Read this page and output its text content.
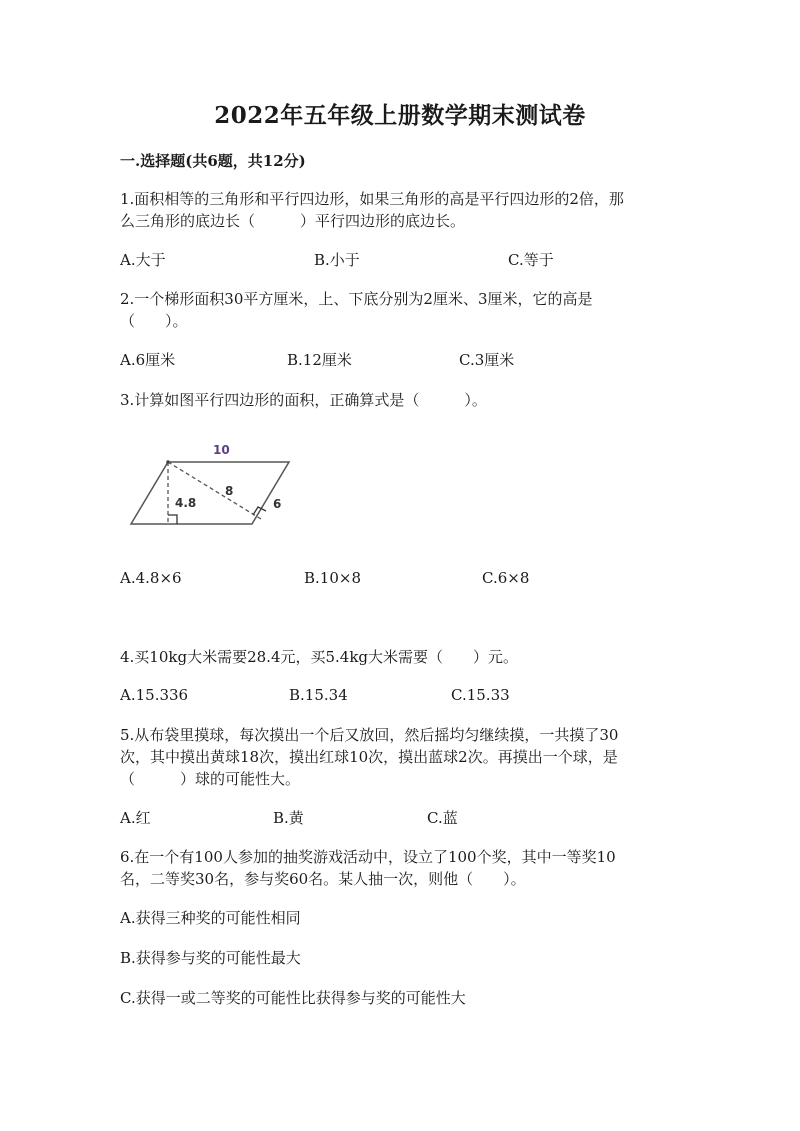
2022年五年级上册数学期末测试卷
一.选择题(共6题，共12分)
1.面积相等的三角形和平行四边形，如果三角形的高是平行四边形的2倍，那
么三角形的底边长（　　　）平行四边形的底边长。
A.大于	B.小于	C.等于
2.一个梯形面积30平方厘米，上、下底分别为2厘米、3厘米，它的高是
（　　）。
A.6厘米	B.12厘米	C.3厘米
3.计算如图平行四边形的面积，正确算式是（　　　）。
10
4.8
8
6
A.4.8×6	B.10×8	C.6×8
4.买10kg大米需要28.4元，买5.4kg大米需要（　　）元。
A.15.336	B.15.34	C.15.33
5.从布袋里摸球，每次摸出一个后又放回，然后摇均匀继续摸，一共摸了30
次，其中摸出黄球18次，摸出红球10次，摸出蓝球2次。再摸出一个球，是
（　　　）球的可能性大。
A.红	B.黄	C.蓝
6.在一个有100人参加的抽奖游戏活动中，设立了100个奖，其中一等奖10
名，二等奖30名，参与奖60名。某人抽一次，则他（　　）。
A.获得三种奖的可能性相同
B.获得参与奖的可能性最大
C.获得一或二等奖的可能性比获得参与奖的可能性大
